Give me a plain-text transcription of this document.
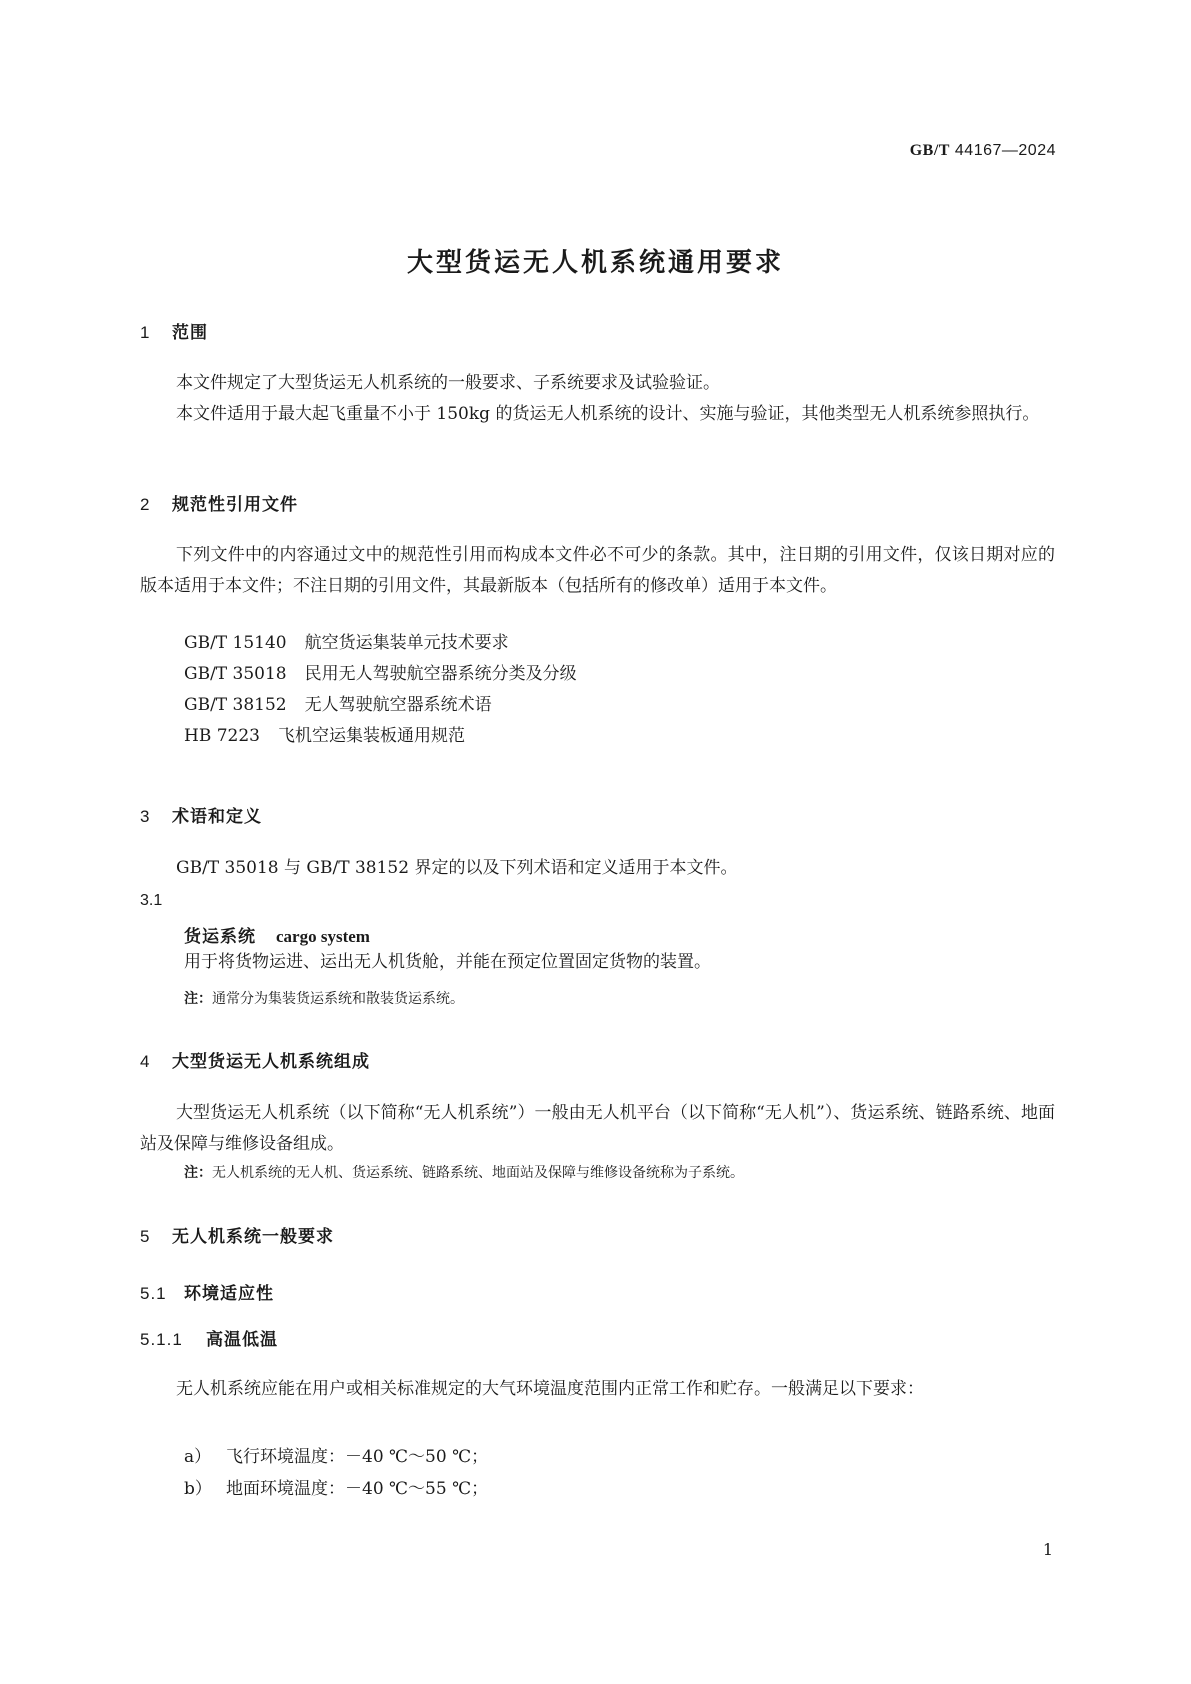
GB/T 44167—2024
大型货运无人机系统通用要求
1 范围
本文件规定了大型货运无人机系统的一般要求、子系统要求及试验验证。
本文件适用于最大起飞重量不小于 150kg 的货运无人机系统的设计、实施与验证，其他类型无人机系统参照执行。
2 规范性引用文件
下列文件中的内容通过文中的规范性引用而构成本文件必不可少的条款。其中，注日期的引用文件，仅该日期对应的版本适用于本文件；不注日期的引用文件，其最新版本（包括所有的修改单）适用于本文件。
GB/T 15140 航空货运集装单元技术要求
GB/T 35018 民用无人驾驶航空器系统分类及分级
GB/T 38152 无人驾驶航空器系统术语
HB 7223 飞机空运集装板通用规范
3 术语和定义
GB/T 35018 与 GB/T 38152 界定的以及下列术语和定义适用于本文件。
3.1
货运系统 cargo system
用于将货物运进、运出无人机货舱，并能在预定位置固定货物的装置。
注：通常分为集装货运系统和散装货运系统。
4 大型货运无人机系统组成
大型货运无人机系统（以下简称“无人机系统”）一般由无人机平台（以下简称“无人机”）、货运系统、链路系统、地面站及保障与维修设备组成。
注：无人机系统的无人机、货运系统、链路系统、地面站及保障与维修设备统称为子系统。
5 无人机系统一般要求
5.1 环境适应性
5.1.1 高温低温
无人机系统应能在用户或相关标准规定的大气环境温度范围内正常工作和贮存。一般满足以下要求：
a） 飞行环境温度：－40 ℃～50 ℃；
b） 地面环境温度：－40 ℃～55 ℃；
1
